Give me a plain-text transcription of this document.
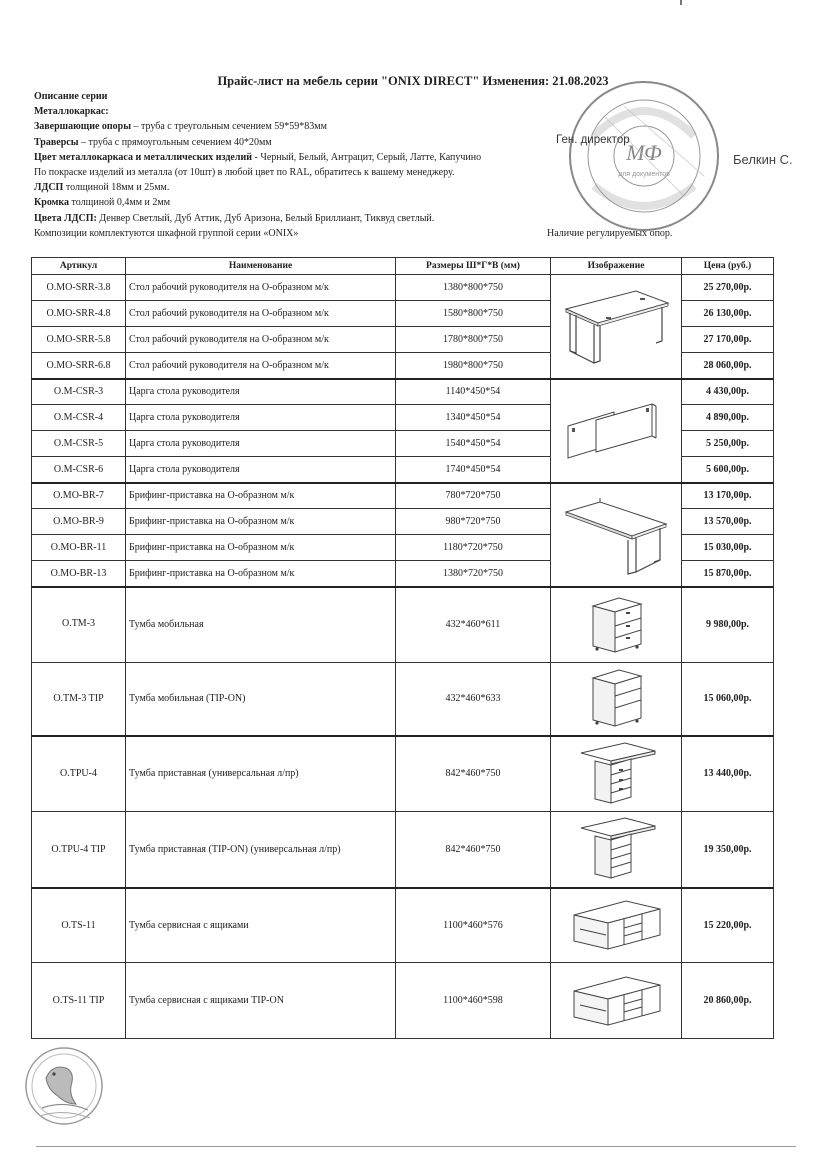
Прайс-лист на мебель серии "ONIX DIRECT" Изменения: 21.08.2023
Описание серии
Металлокаркас:
Завершающие опоры – труба с треугольным сечением 59*59*83мм
Траверсы – труба с прямоугольным сечением 40*20мм
Цвет металлокаркаса и металлических изделий - Черный, Белый, Антрацит, Серый, Латте, Капучино
По покраске изделий из металла (от 10шт) в любой цвет по RAL, обратитесь к вашему менеджеру.
ЛДСП толщиной 18мм и 25мм.
Кромка толщиной 0,4мм и 2мм
Цвета ЛДСП: Денвер Светлый, Дуб Аттик, Дуб Аризона, Белый Бриллиант, Тиквуд светлый.
Композиции комплектуются шкафной группой серии «ONIX»	Наличие регулируемых опор.
МФ
для документов
Ген. директор
Белкин С.
Артикул	Наименование	Размеры Ш*Г*В (мм)	Изображение	Цена (руб.)
O.MO-SRR-3.8	Стол рабочий руководителя на О-образном м/к	1380*800*750		25 270,00р.
O.MO-SRR-4.8	Стол рабочий руководителя на О-образном м/к	1580*800*750		26 130,00р.
O.MO-SRR-5.8	Стол рабочий руководителя на О-образном м/к	1780*800*750		27 170,00р.
O.MO-SRR-6.8	Стол рабочий руководителя на О-образном м/к	1980*800*750		28 060,00р.
O.M-CSR-3	Царга стола руководителя	1140*450*54		4 430,00р.
O.M-CSR-4	Царга стола руководителя	1340*450*54		4 890,00р.
O.M-CSR-5	Царга стола руководителя	1540*450*54		5 250,00р.
O.M-CSR-6	Царга стола руководителя	1740*450*54		5 600,00р.
O.MO-BR-7	Брифинг-приставка на О-образном м/к	780*720*750		13 170,00р.
O.MO-BR-9	Брифинг-приставка на О-образном м/к	980*720*750		13 570,00р.
O.MO-BR-11	Брифинг-приставка на О-образном м/к	1180*720*750		15 030,00р.
O.MO-BR-13	Брифинг-приставка на О-образном м/к	1380*720*750		15 870,00р.
O.TM-3	Тумба мобильная	432*460*611		9 980,00р.
O.TM-3 TIP	Тумба мобильная (TIP-ON)	432*460*633		15 060,00р.
O.TPU-4	Тумба приставная (универсальная л/пр)	842*460*750		13 440,00р.
O.TPU-4 TIP	Тумба приставная (TIP-ON) (универсальная л/пр)	842*460*750		19 350,00р.
O.TS-11	Тумба сервисная с ящиками	1100*460*576		15 220,00р.
O.TS-11 TIP	Тумба сервисная с ящиками TIP-ON	1100*460*598		20 860,00р.
